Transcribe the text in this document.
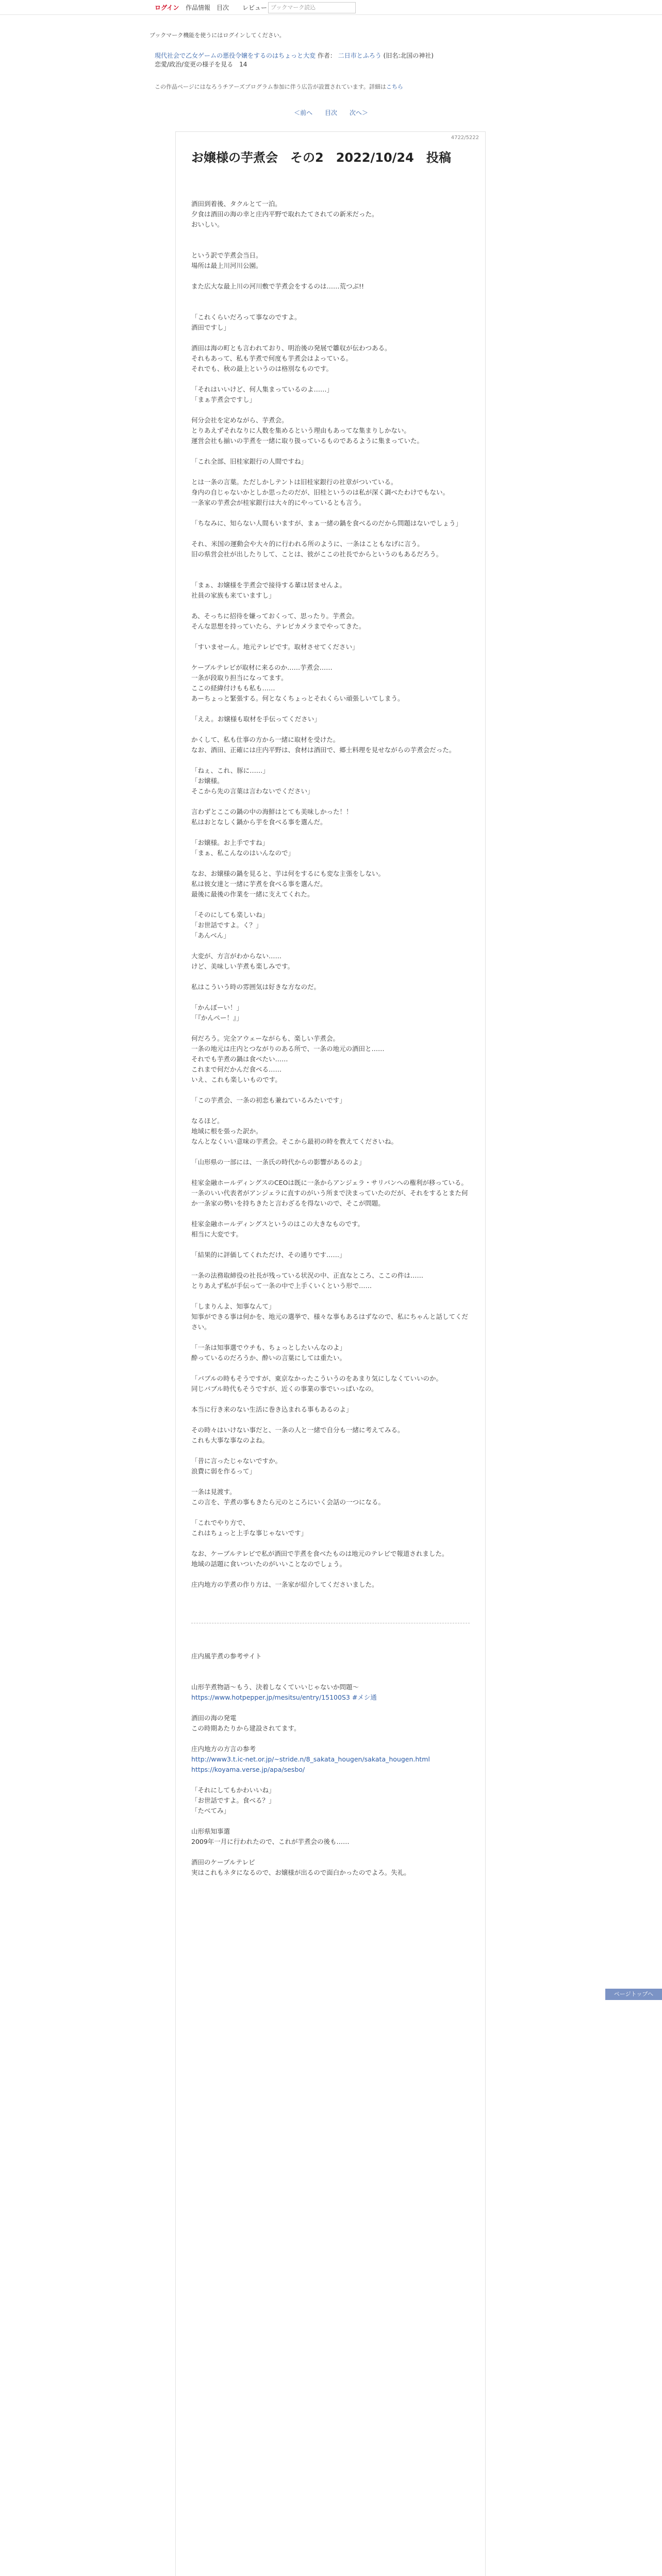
ログイン 作品情報 目次 レビュー ブックマーク読込
ブックマーク機能を使うにはログインしてください。
現代社会で乙女ゲームの悪役令嬢をするのはちょっと大変 作者： 二日市とふろう (旧名:北国の神社)
恋愛/政治/変更の様子を見る　14
この作品ページにはなろうチアーズプログラム参加に伴う広告が設置されています。詳細はこちら
＜前へ 目次 次へ＞
4722/5222
お嬢様の芋煮会　その2　2022/10/24　投稿

酒田到着後、タクルとて一泊。
夕食は酒田の海の幸と庄内平野で取れたてされての新米だった。
おいしい。

という訳で芋煮会当日。
場所は最上川河川公園。

また広大な最上川の河川敷で芋煮会をするのは……荒つぶ!!

「これくらいだろって事なのですよ。
酒田ですし」

酒田は海の町とも言われており、明治後の発展で雛収が伝わつある。
それもあって、私も芋煮で何度も芋煮会はよっている。
それでも、秋の最上というのは格別なものです。

「それはいいけど、何人集まっているのよ……」
「まぁ芋煮会ですし」

何分会社を定めながら、芋煮会。
とりあえずそれなりに人数を集めるという理由もあってな集まりしかない。
運営会社も揃いの芋煮を一緒に取り扱っているものであるように集まっていた。

「これ全部、旧桂家銀行の人間ですね」

とは一条の言葉。ただしかしテントは旧桂家銀行の社章がついている。
身内の自じゃないかとしか思ったのだが、旧桂というのは私が深く調べたわけでもない。
一条家の芋煮会が桂家銀行は大々的にやっているとも言う。

「ちなみに、知らない人間もいますが、まぁ一緒の鍋を食べるのだから問題はないでしょう」

それ、米国の運動会や大々的に行われる所のように、一条はこともなげに言う。
旧の県営会社が出したりして、ことは、彼がここの社長でからというのもあるだろう。

「まぁ、お嬢様を芋煮会で接待する輩は居ませんよ。
社員の家族も来ていますし」

あ、そっちに招待を嫌っておくって、思ったり。芋煮会。
そんな思想を持っていたら、テレビカメラまでやってきた。

「すいませーん。地元テレビです。取材させてください」

ケーブルテレビが取材に来るのか……芋煮会……
一条が段取り担当になってます。
ここの経緯付けもも私も……
あーちょっと緊張する。何となくちょっとそれくらい頑張しいてしまう。

「ええ。お嬢様も取材を手伝ってください」

かくして、私も仕事の方から一緒に取材を受けた。
なお、酒田、正確には庄内平野は、食材は酒田で、郷土料理を見せながらの芋煮会だった。

「ねぇ、これ、豚に……」
「お嬢様。
そこから先の言葉は言わないでください」

言わずとここの鍋の中の海鮮はとても美味しかった！！
私はおとなしく鍋から芋を食べる事を選んだ。

「お嬢様。お上手ですね」
「まぁ、私こんなのはいんなので」

なお、お嬢様の鍋を見ると、芋は何をするにも変な主張をしない。
私は彼女達と一緒に芋煮を食べる事を選んだ。
最後に最後の作業を一緒に支えてくれた。

「そのにしても楽しいね」
「お世話ですよ。く？」
「あんべん」

大変が、方言がわからない……
けど、美味しい芋煮も楽しみです。

私はこういう時の雰囲気は好きな方なのだ。

「かんぽーい！」
「『かんぺー！』」

何だろう。完全アウェーながらも、楽しい芋煮会。
一条の地元は庄内とつながりのある所で、一条の地元の酒田と……
それでも芋煮の鍋は食べたい……
これまで何だかんだ食べる……
いえ、これも楽しいものです。

「この芋煮会、一条の初恋も兼ねているみたいです」

なるほど。
地域に根を張った訳か。
なんとなくいい意味の芋煮会。そこから最初の時を教えてくださいね。

「山形県の一部には、一条氏の時代からの影響があるのよ」

桂家金融ホールディングスのCEOは既に一条からアンジェラ・サリバンへの権利が移っている。
一条のいい代表者がアンジェラに直すのがいう所まで決まっていたのだが、それをするとまた何か一条家の勢いを持ちきたと言わざるを得ないので、そこが問題。

桂家金融ホールディングスというのはこの大きなものです。
相当に大変です。

「結果的に評価してくれただけ、その通りです……」

一条の法務取締役の社長が残っている状況の中、正直なところ、ここの件は……
とりあえず私が手伝って一条の中で上手くいくという形で……

「しまりんよ、知事なんて」
知事ができる事は何かを、地元の選挙で、様々な事もあるはずなので、私にちゃんと話してください。

「一条は知事選でウチも、ちょっとしたいんなのよ」
酔っているのだろうか、酔いの言葉にしては重たい。

「バブルの時もそうですが、東京なかったこういうのをあまり気にしなくていいのか。
同じバブル時代もそうですが、近くの事業の事でいっぱいなの。

本当に行き来のない生活に巻き込まれる事もあるのよ」

その時々はいけない事だと、一条の人と一緒で自分も一緒に考えてみる。
これも大事な事なのよね。

「昔に言ったじゃないですか。
浪費に弱を作るって」

一条は見渡す。
この言を、芋煮の事もきたら元のところにいく会話の一つになる。

「これでやり方で、
これはちょっと上手な事じゃないです」

なお、ケーブルテレビで私が酒田で芋煮を食べたものは地元のテレビで報道されました。
地域の話題に食いついたのがいいことなのでしょう。

庄内地方の芋煮の作り方は、一条家が紹介してくださいました。

庄内風芋煮の参考サイト

山形芋煮物語〜もう、決着しなくていいじゃないか問題〜
https://www.hotpepper.jp/mesitsu/entry/15100S3 #メシ通
酒田の海の発電
この時期あたりから建設されてます。
庄内地方の方言の参考
http://www3.t.ic-net.or.jp/~stride.n/8_sakata_hougen/sakata_hougen.html
https://koyama.verse.jp/apa/sesbo/
「それにしてもかわいいね」
「お世話ですよ。食べる？」
「たべてみ」
山形県知事選
2009年一月に行われたので、これが芋煮会の後も……
酒田のケーブルテレビ
実はこれもネタになるので、お嬢様が出るので面白かったのでよろ。失礼。

ページトップへ
